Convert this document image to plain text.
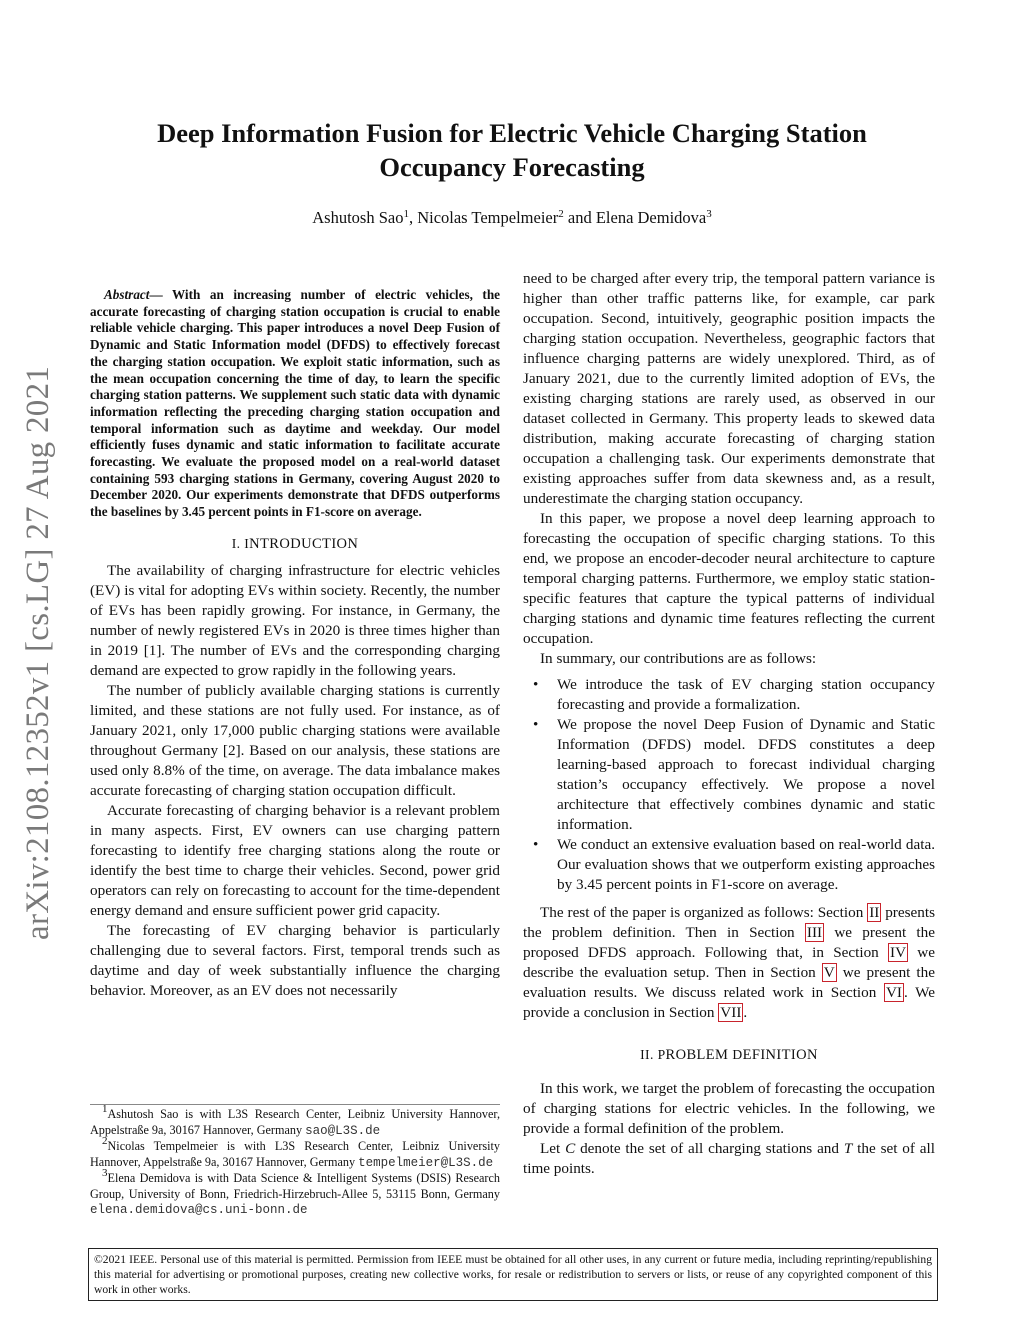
arXiv:2108.12352v1 [cs.LG] 27 Aug 2021
Deep Information Fusion for Electric Vehicle Charging Station
Occupancy Forecasting
Ashutosh Sao$^1$, Nicolas Tempelmeier$^2$ and Elena Demidova$^3$

Abstract— With an increasing number of electric vehicles, the accurate forecasting of charging station occupation is crucial to enable reliable vehicle charging. This paper introduces a novel Deep Fusion of Dynamic and Static Information model (DFDS) to effectively forecast the charging station occupation. We exploit static information, such as the mean occupation concerning the time of day, to learn the specific charging station patterns. We supplement such static data with dynamic information reflecting the preceding charging station occupation and temporal information such as daytime and weekday. Our model efficiently fuses dynamic and static information to facilitate accurate forecasting. We evaluate the proposed model on a real-world dataset containing 593 charging stations in Germany, covering August 2020 to December 2020. Our experiments demonstrate that DFDS outperforms the baselines by 3.45 percent points in F1-score on average.

I. INTRODUCTION

The availability of charging infrastructure for electric vehicles (EV) is vital for adopting EVs within society. Recently, the number of EVs has been rapidly growing. For instance, in Germany, the number of newly registered EVs in 2020 is three times higher than in 2019 [1]. The number of EVs and the corresponding charging demand are expected to grow rapidly in the following years.

The number of publicly available charging stations is currently limited, and these stations are not fully used. For instance, as of January 2021, only 17,000 public charging stations were available throughout Germany [2]. Based on our analysis, these stations are used only 8.8% of the time, on average. The data imbalance makes accurate forecasting of charging station occupation difficult.

Accurate forecasting of charging behavior is a relevant problem in many aspects. First, EV owners can use charging pattern forecasting to identify free charging stations along the route or identify the best time to charge their vehicles. Second, power grid operators can rely on forecasting to account for the time-dependent energy demand and ensure sufficient power grid capacity.

The forecasting of EV charging behavior is particularly challenging due to several factors. First, temporal trends such as daytime and day of week substantially influence the charging behavior. Moreover, as an EV does not necessarily

$^1$Ashutosh Sao is with L3S Research Center, Leibniz University Hannover, Appelstraße 9a, 30167 Hannover, Germany sao@L3S.de

$^2$Nicolas Tempelmeier is with L3S Research Center, Leibniz University Hannover, Appelstraße 9a, 30167 Hannover, Germany tempelmeier@L3S.de

$^3$Elena Demidova is with Data Science & Intelligent Systems (DSIS) Research Group, University of Bonn, Friedrich-Hirzebruch-Allee 5, 53115 Bonn, Germany elena.demidova@cs.uni-bonn.de

need to be charged after every trip, the temporal pattern variance is higher than other traffic patterns like, for example, car park occupation. Second, intuitively, geographic position impacts the charging station occupation. Nevertheless, geographic factors that influence charging patterns are widely unexplored. Third, as of January 2021, due to the currently limited adoption of EVs, the existing charging stations are rarely used, as observed in our dataset collected in Germany. This property leads to skewed data distribution, making accurate forecasting of charging station occupation a challenging task. Our experiments demonstrate that existing approaches suffer from data skewness and, as a result, underestimate the charging station occupancy.

In this paper, we propose a novel deep learning approach to forecasting the occupation of specific charging stations. To this end, we propose an encoder-decoder neural architecture to capture temporal charging patterns. Furthermore, we employ static station-specific features that capture the typical patterns of individual charging stations and dynamic time features reflecting the current occupation.

In summary, our contributions are as follows:

• We introduce the task of EV charging station occupancy forecasting and provide a formalization.
• We propose the novel Deep Fusion of Dynamic and Static Information (DFDS) model. DFDS constitutes a deep learning-based approach to forecast individual charging station’s occupancy effectively. We propose a novel architecture that effectively combines dynamic and static information.
• We conduct an extensive evaluation based on real-world data. Our evaluation shows that we outperform existing approaches by 3.45 percent points in F1-score on average.

The rest of the paper is organized as follows: Section II presents the problem definition. Then in Section III we present the proposed DFDS approach. Following that, in Section IV we describe the evaluation setup. Then in Section V we present the evaluation results. We discuss related work in Section VI . We provide a conclusion in Section VII .

II. PROBLEM DEFINITION

In this work, we target the problem of forecasting the occupation of charging stations for electric vehicles. In the following, we provide a formal definition of the problem.

Let C denote the set of all charging stations and T the set of all time points.

©2021 IEEE. Personal use of this material is permitted. Permission from IEEE must be obtained for all other uses, in any current or future media, including reprinting/republishing this material for advertising or promotional purposes, creating new collective works, for resale or redistribution to servers or lists, or reuse of any copyrighted component of this work in other works.
